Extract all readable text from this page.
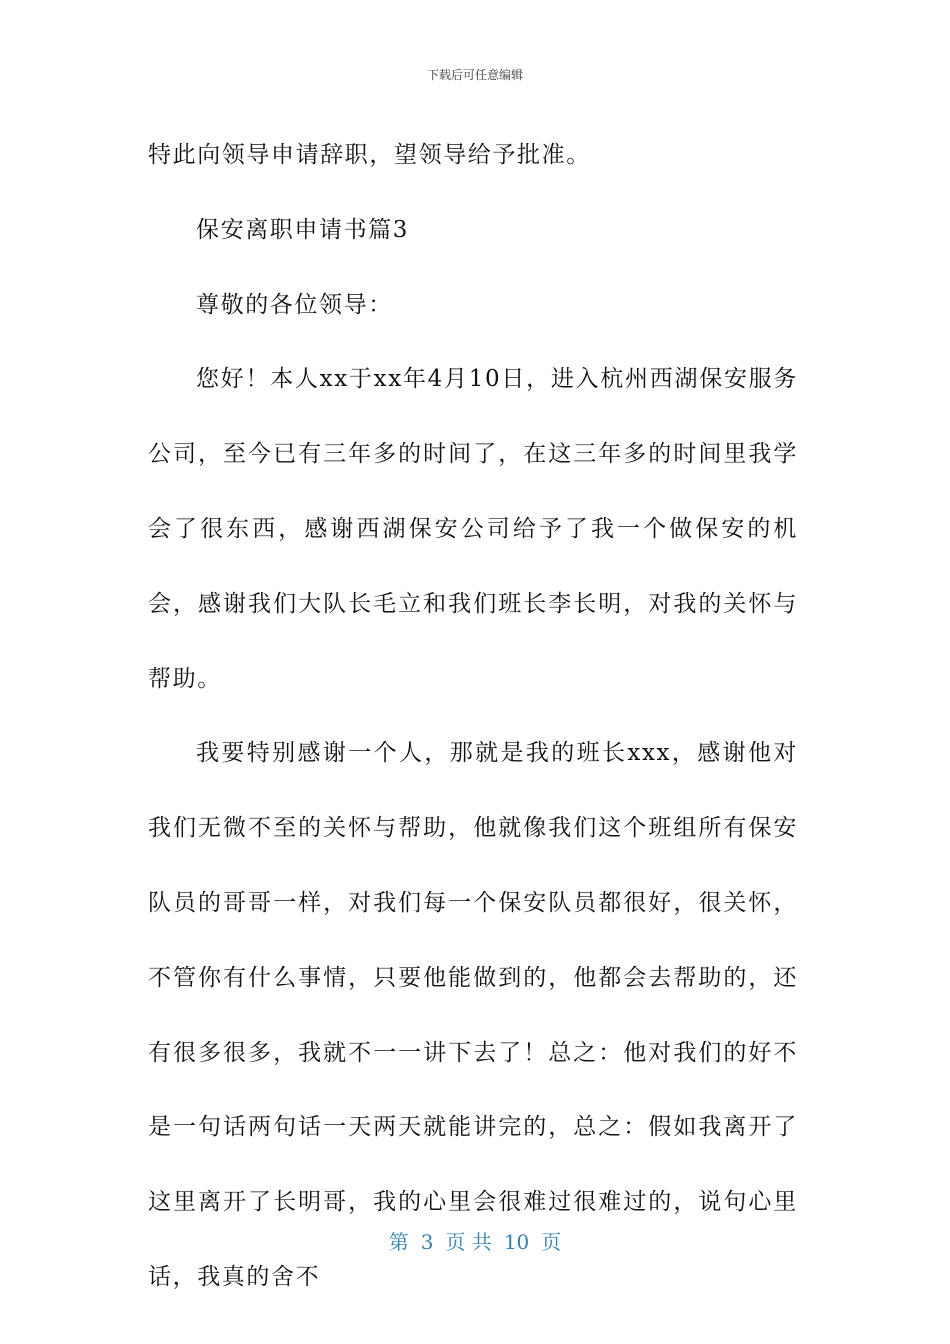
下载后可任意编辑

特此向领导申请辞职，望领导给予批准。

保安离职申请书篇3

尊敬的各位领导：

您好！本人xx于xx年4月10日，进入杭州西湖保安服务公司，至今已有三年多的时间了，在这三年多的时间里我学会了很东西，感谢西湖保安公司给予了我一个做保安的机会，感谢我们大队长毛立和我们班长李长明，对我的关怀与帮助。

我要特别感谢一个人，那就是我的班长xxx，感谢他对我们无微不至的关怀与帮助，他就像我们这个班组所有保安队员的哥哥一样，对我们每一个保安队员都很好，很关怀，不管你有什么事情，只要他能做到的，他都会去帮助的，还有很多很多，我就不一一讲下去了！总之：他对我们的好不是一句话两句话一天两天就能讲完的，总之：假如我离开了这里离开了长明哥，我的心里会很难过很难过的，说句心里话，我真的舍不

第 3 页 共 10 页
